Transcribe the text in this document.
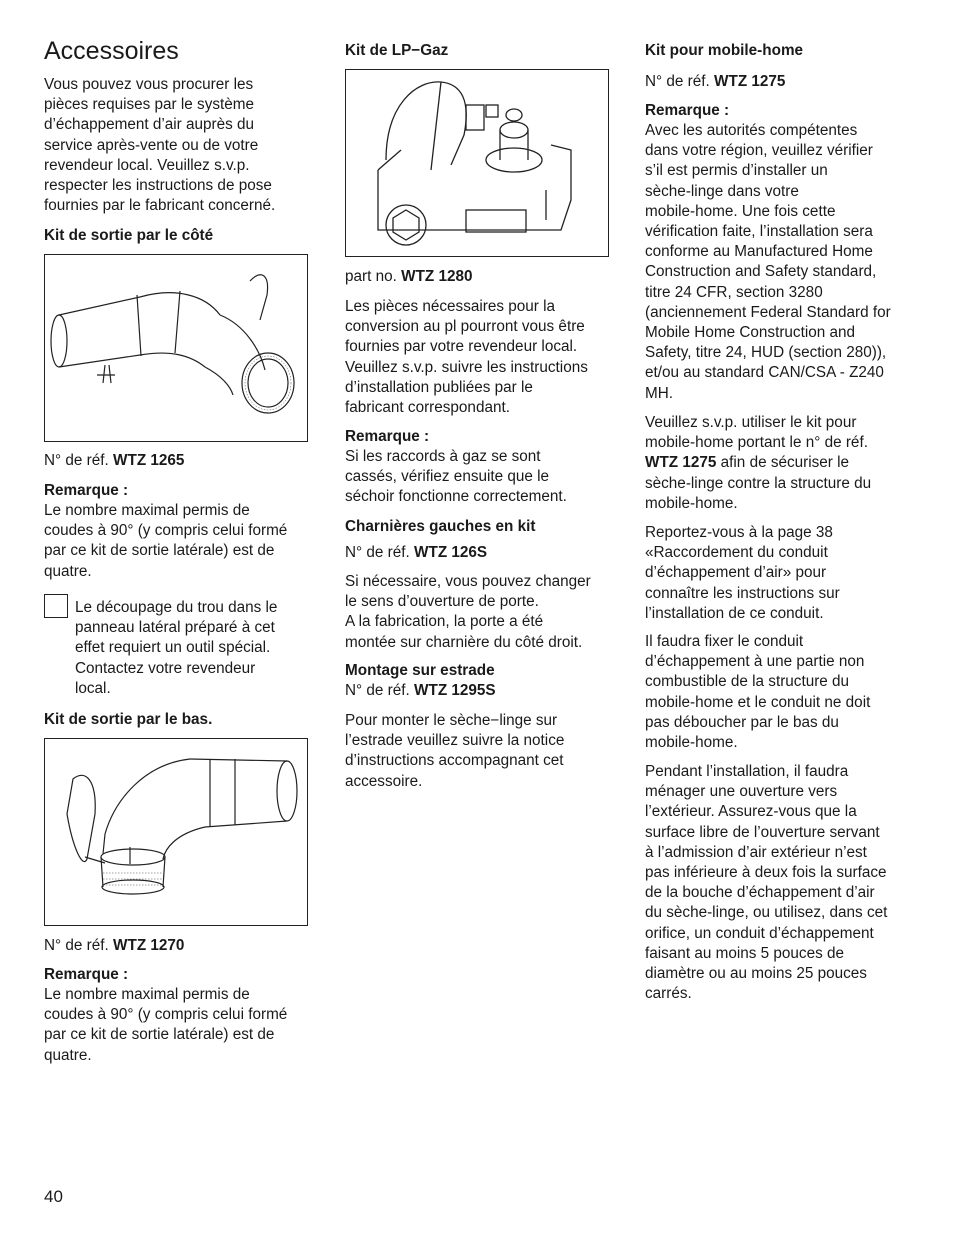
Accessoires

Vous pouvez vous procurer les
pièces requises par le système
d’échappement d’air auprès du
service après-vente ou de votre
revendeur local. Veuillez s.v.p.
respecter les instructions de pose
fournies par le fabricant concerné.

Kit de sortie par le côté

N° de réf. WTZ 1265

Remarque :

Le nombre maximal permis de
coudes à 90° (y compris celui formé
par ce kit de sortie latérale) est de
quatre.

Le découpage du trou dans le
panneau latéral préparé à cet
effet requiert un outil spécial.
Contactez votre revendeur
local.

Kit de sortie par le bas.

N° de réf. WTZ 1270

Remarque :

Le nombre maximal permis de
coudes à 90° (y compris celui formé
par ce kit de sortie latérale) est de
quatre.

Kit de LP−Gaz

part no. WTZ 1280

Les pièces nécessaires pour la
conversion au pl pourront vous être
fournies par votre revendeur local.
Veuillez s.v.p. suivre les instructions
d’installation publiées par le
fabricant correspondant.

Remarque :

Si les raccords à gaz se sont
cassés, vérifiez ensuite que le
séchoir fonctionne correctement.

Charnières gauches en kit

N° de réf. WTZ 126S

Si nécessaire, vous pouvez changer
le sens d’ouverture de porte.
A la fabrication, la porte a été
montée sur charnière du côté droit.

Montage sur estrade

N° de réf. WTZ 1295S

Pour monter le sèche−linge sur
l’estrade veuillez suivre la notice
d’instructions accompagnant cet
accessoire.

Kit pour mobile-home

N° de réf. WTZ 1275

Remarque :

Avec les autorités compétentes
dans votre région, veuillez vérifier
s’il est permis d’installer un
sèche-linge dans votre
mobile-home. Une fois cette
vérification faite, l’installation sera
conforme au Manufactured Home
Construction and Safety standard,
titre 24 CFR, section 3280
(anciennement Federal Standard for
Mobile Home Construction and
Safety, titre 24, HUD (section 280)),
et/ou au standard CAN/CSA - Z240
MH.

Veuillez s.v.p. utiliser le kit pour
mobile-home portant le n° de réf.
WTZ 1275 afin de sécuriser le
sèche-linge contre la structure du
mobile-home.

Reportez-vous à la page 38
«Raccordement du conduit
d’échappement d’air» pour
connaître les instructions sur
l’installation de ce conduit.

Il faudra fixer le conduit
d’échappement à une partie non
combustible de la structure du
mobile-home et le conduit ne doit
pas déboucher par le bas du
mobile-home.

Pendant l’installation, il faudra
ménager une ouverture vers
l’extérieur. Assurez-vous que la
surface libre de l’ouverture servant
à l’admission d’air extérieur n’est
pas inférieure à deux fois la surface
de la bouche d’échappement d’air
du sèche-linge, ou utilisez, dans cet
orifice, un conduit d’échappement
faisant au moins 5 pouces de
diamètre ou au moins 25 pouces
carrés.

40
